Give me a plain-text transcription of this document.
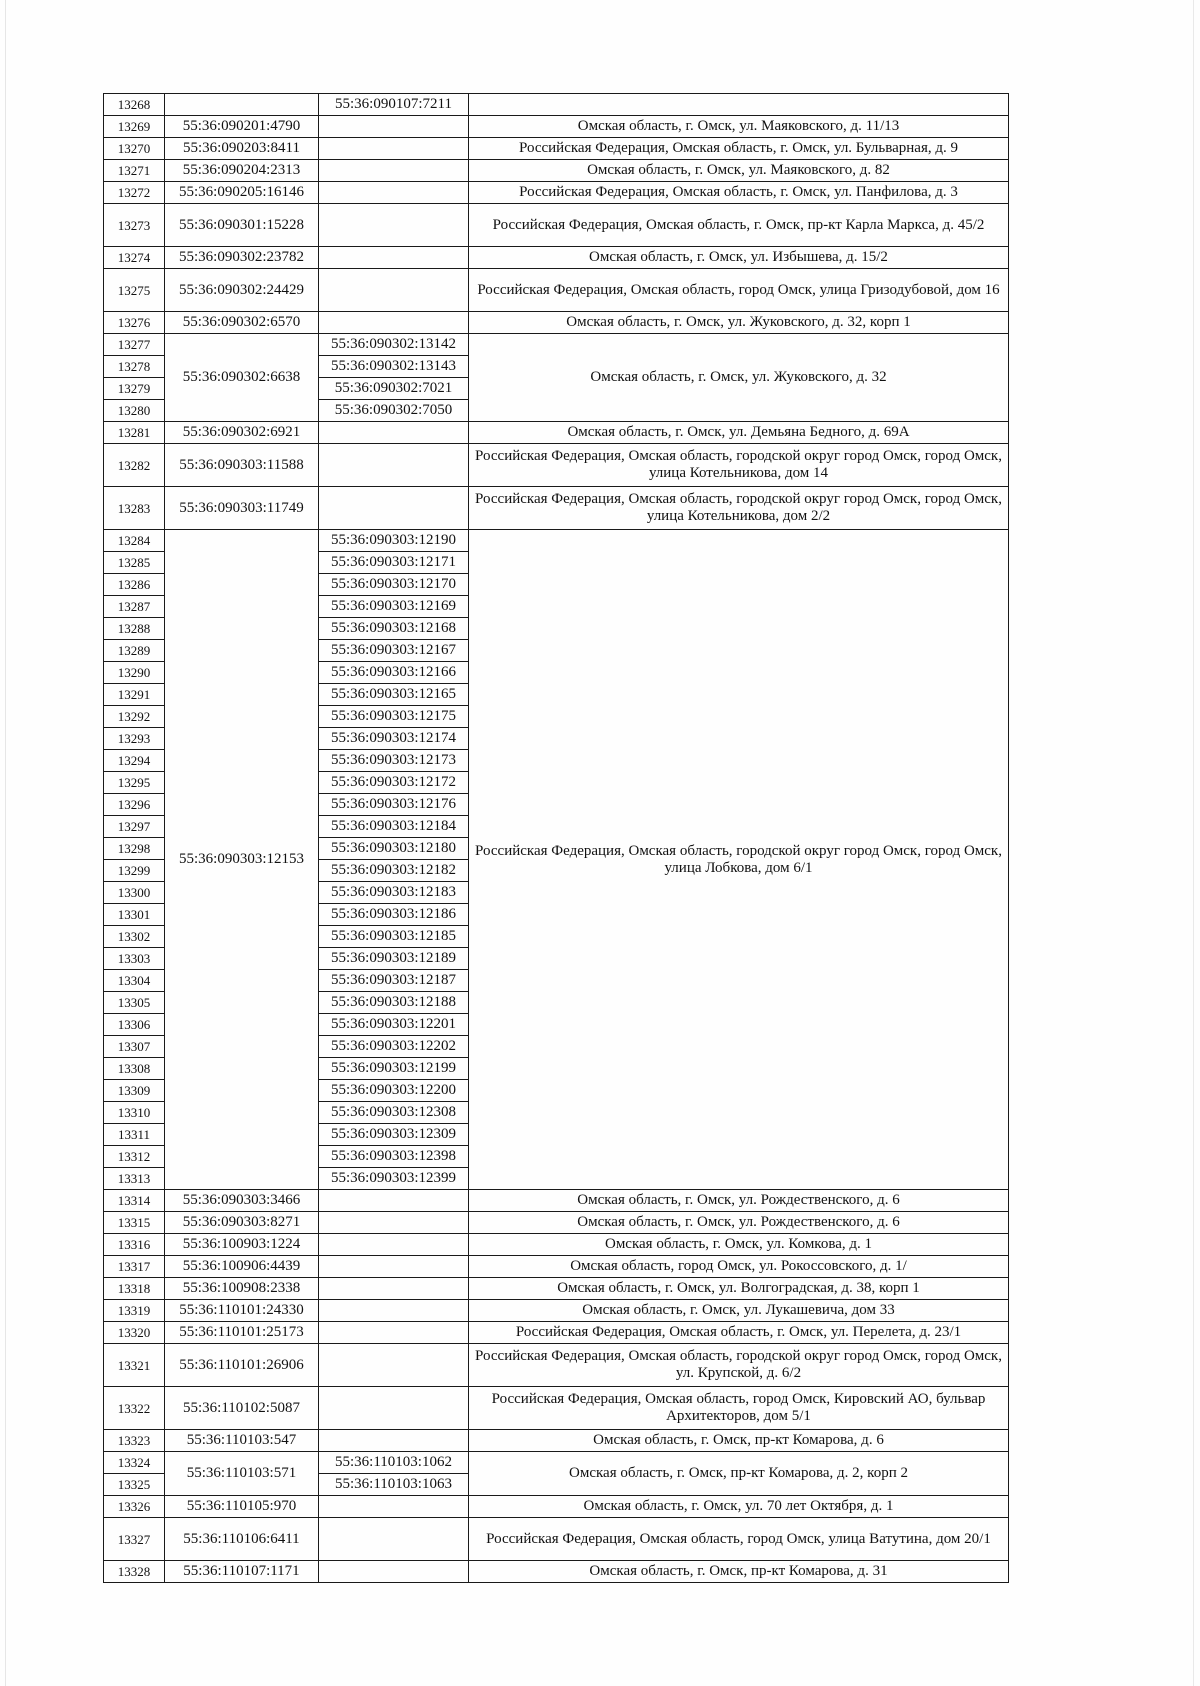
13268		55:36:090107:7211	
13269	55:36:090201:4790		Омская область, г. Омск, ул. Маяковского, д. 11/13
13270	55:36:090203:8411		Российская Федерация, Омская область, г. Омск, ул. Бульварная, д. 9
13271	55:36:090204:2313		Омская область, г. Омск, ул. Маяковского, д. 82
13272	55:36:090205:16146		Российская Федерация, Омская область, г. Омск, ул. Панфилова, д. 3
13273	55:36:090301:15228		Российская Федерация, Омская область, г. Омск, пр-кт Карла Маркса, д. 45/2
13274	55:36:090302:23782		Омская область, г. Омск, ул. Избышева, д. 15/2
13275	55:36:090302:24429		Российская Федерация, Омская область, город Омск, улица Гризодубовой, дом 16
13276	55:36:090302:6570		Омская область, г. Омск, ул. Жуковского, д. 32, корп 1
13277	55:36:090302:6638	55:36:090302:13142	Омская область, г. Омск, ул. Жуковского, д. 32
13278		55:36:090302:13143	
13279		55:36:090302:7021	
13280		55:36:090302:7050	
13281	55:36:090302:6921		Омская область, г. Омск, ул. Демьяна Бедного, д. 69А
13282	55:36:090303:11588		Российская Федерация, Омская область, городской округ город Омск, город Омск, улица Котельникова, дом 14
13283	55:36:090303:11749		Российская Федерация, Омская область, городской округ город Омск, город Омск, улица Котельникова, дом 2/2
13284	55:36:090303:12153	55:36:090303:12190	Российская Федерация, Омская область, городской округ город Омск, город Омск, улица Лобкова, дом 6/1
13285		55:36:090303:12171	
13286		55:36:090303:12170	
13287		55:36:090303:12169	
13288		55:36:090303:12168	
13289		55:36:090303:12167	
13290		55:36:090303:12166	
13291		55:36:090303:12165	
13292		55:36:090303:12175	
13293		55:36:090303:12174	
13294		55:36:090303:12173	
13295		55:36:090303:12172	
13296		55:36:090303:12176	
13297		55:36:090303:12184	
13298		55:36:090303:12180	
13299		55:36:090303:12182	
13300		55:36:090303:12183	
13301		55:36:090303:12186	
13302		55:36:090303:12185	
13303		55:36:090303:12189	
13304		55:36:090303:12187	
13305		55:36:090303:12188	
13306		55:36:090303:12201	
13307		55:36:090303:12202	
13308		55:36:090303:12199	
13309		55:36:090303:12200	
13310		55:36:090303:12308	
13311		55:36:090303:12309	
13312		55:36:090303:12398	
13313		55:36:090303:12399	
13314	55:36:090303:3466		Омская область, г. Омск, ул. Рождественского, д. 6
13315	55:36:090303:8271		Омская область, г. Омск, ул. Рождественского, д. 6
13316	55:36:100903:1224		Омская область, г. Омск, ул. Комкова, д. 1
13317	55:36:100906:4439		Омская область, город Омск, ул. Рокоссовского, д. 1/
13318	55:36:100908:2338		Омская область, г. Омск, ул. Волгоградская, д. 38, корп 1
13319	55:36:110101:24330		Омская область, г. Омск, ул. Лукашевича, дом 33
13320	55:36:110101:25173		Российская Федерация, Омская область, г. Омск, ул. Перелета, д. 23/1
13321	55:36:110101:26906		Российская Федерация, Омская область, городской округ город Омск, город Омск, ул. Крупской, д. 6/2
13322	55:36:110102:5087		Российская Федерация, Омская область, город Омск, Кировский АО, бульвар Архитекторов, дом 5/1
13323	55:36:110103:547		Омская область, г. Омск, пр-кт Комарова, д. 6
13324	55:36:110103:571	55:36:110103:1062	Омская область, г. Омск, пр-кт Комарова, д. 2, корп 2
13325		55:36:110103:1063	
13326	55:36:110105:970		Омская область, г. Омск, ул. 70 лет Октября, д. 1
13327	55:36:110106:6411		Российская Федерация, Омская область, город Омск, улица Ватутина, дом 20/1
13328	55:36:110107:1171		Омская область, г. Омск, пр-кт Комарова, д. 31
